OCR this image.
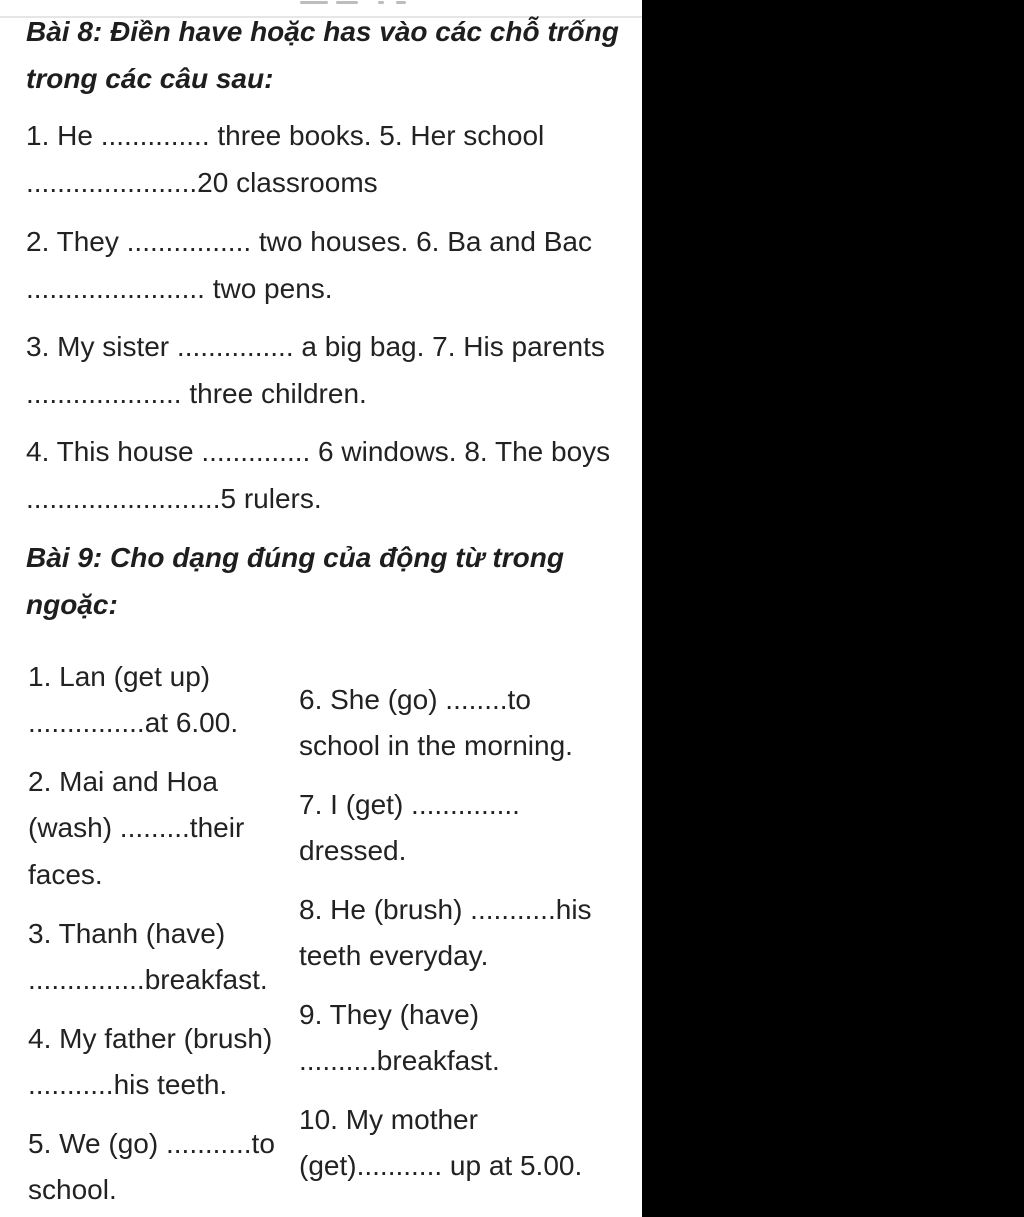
Bài 8: Điền have hoặc has vào các chỗ trống
trong các câu sau:
1. He .............. three books. 5. Her school
......................20 classrooms
2. They ................ two houses. 6. Ba and Bac
....................... two pens.
3. My sister ............... a big bag. 7. His parents
.................... three children.
4. This house .............. 6 windows. 8. The boys
.........................5 rulers.
Bài 9: Cho dạng đúng của động từ trong
ngoặc:
1. Lan (get up)
...............at 6.00.
2. Mai and Hoa
(wash) .........their
faces.
3. Thanh (have)
...............breakfast.
4. My father (brush)
...........his teeth.
5. We (go) ...........to
school.
6. She (go) ........to
school in the morning.
7. I (get) ..............
dressed.
8. He (brush) ...........his
teeth everyday.
9. They (have)
..........breakfast.
10. My mother
(get)........... up at 5.00.
